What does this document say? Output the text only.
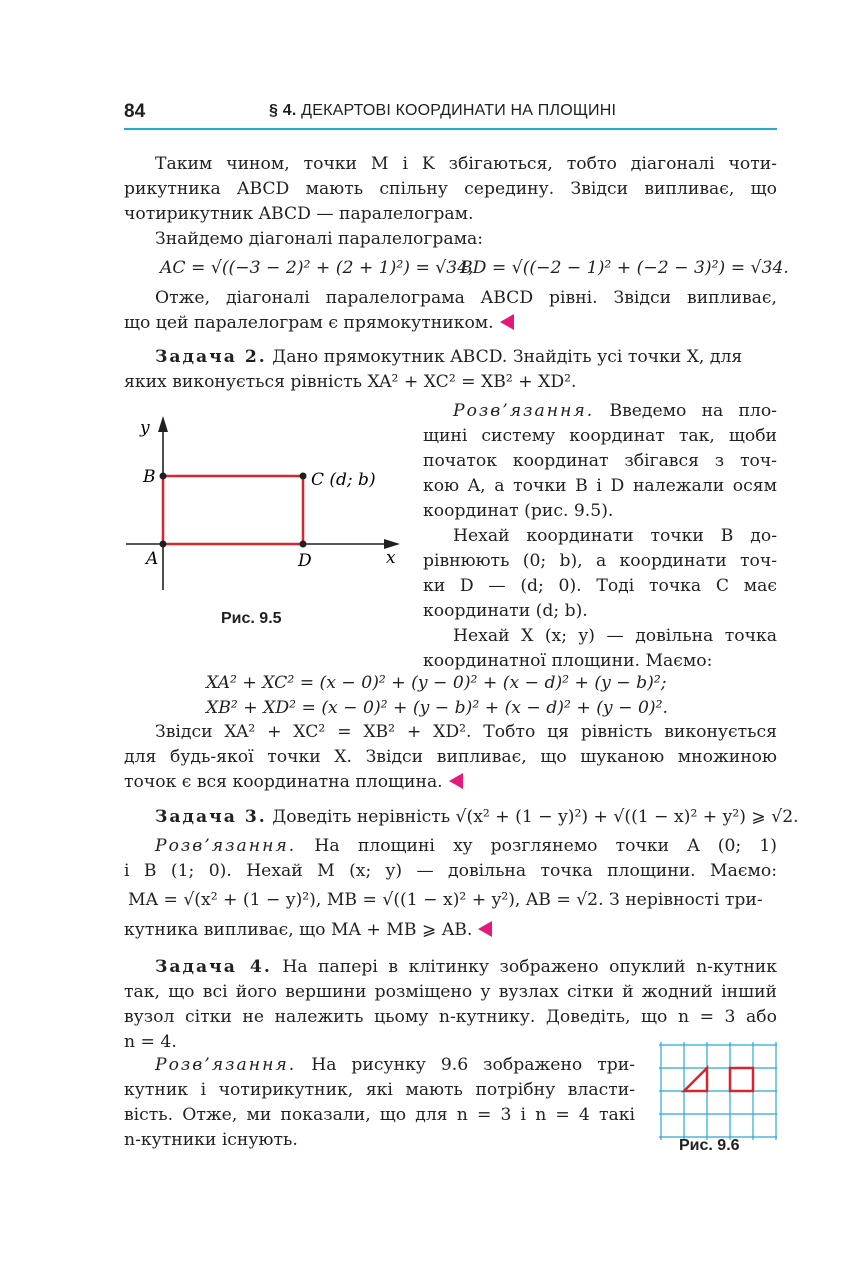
84	§ 4. ДЕКАРТОВІ КООРДИНАТИ НА ПЛОЩИНІ
Таким чином, точки M і K збігаються, тобто діагоналі чоти-
рикутника ABCD мають спільну середину. Звідси випливає, що
чотирикутник ABCD — паралелограм.
Знайдемо діагоналі паралелограма:
AC = √((−3 − 2)² + (2 + 1)²) = √34,
BD = √((−2 − 1)² + (−2 − 3)²) = √34.
Отже, діагоналі паралелограма ABCD рівні. Звідси випливає,
що цей паралелограм є прямокутником.
Задача 2. Дано прямокутник ABCD. Знайдіть усі точки X, для
яких виконується рівність XA² + XC² = XB² + XD².
y
x
A
B	C (d; b)
D
Рис. 9.5
Розв’язання. Введемо на пло-
щині систему координат так, щоби
початок координат збігався з точ-
кою A, а точки B і D належали осям
координат (рис. 9.5).
Нехай координати точки B до-
рівнюють (0; b), а координати точ-
ки D — (d; 0). Тоді точка C має
координати (d; b).
Нехай X (x; y) — довільна точка
координатної площини. Маємо:
XA² + XC² = (x − 0)² + (y − 0)² + (x − d)² + (y − b)²;
XB² + XD² = (x − 0)² + (y − b)² + (x − d)² + (y − 0)².
Звідси XA² + XC² = XB² + XD². Тобто ця рівність виконується
для будь-якої точки X. Звідси випливає, що шуканою множиною
точок є вся координатна площина.
Задача 3. Доведіть нерівність √(x² + (1 − y)²) + √((1 − x)² + y²) ⩾ √2.
Розв’язання. На площині xy розглянемо точки A (0; 1)
і B (1; 0). Нехай M (x; y) — довільна точка площини. Маємо:
MA = √(x² + (1 − y)²), MB = √((1 − x)² + y²), AB = √2. З нерівності три-
кутника випливає, що MA + MB ⩾ AB.
Задача 4. На папері в клітинку зображено опуклий n-кутник
так, що всі його вершини розміщено у вузлах сітки й жодний інший
вузол сітки не належить цьому n-кутнику. Доведіть, що n = 3 або
n = 4.
Розв’язання. На рисунку 9.6 зображено три-
кутник і чотирикутник, які мають потрібну власти-
вість. Отже, ми показали, що для n = 3 і n = 4 такі
n-кутники існують.	Рис. 9.6
